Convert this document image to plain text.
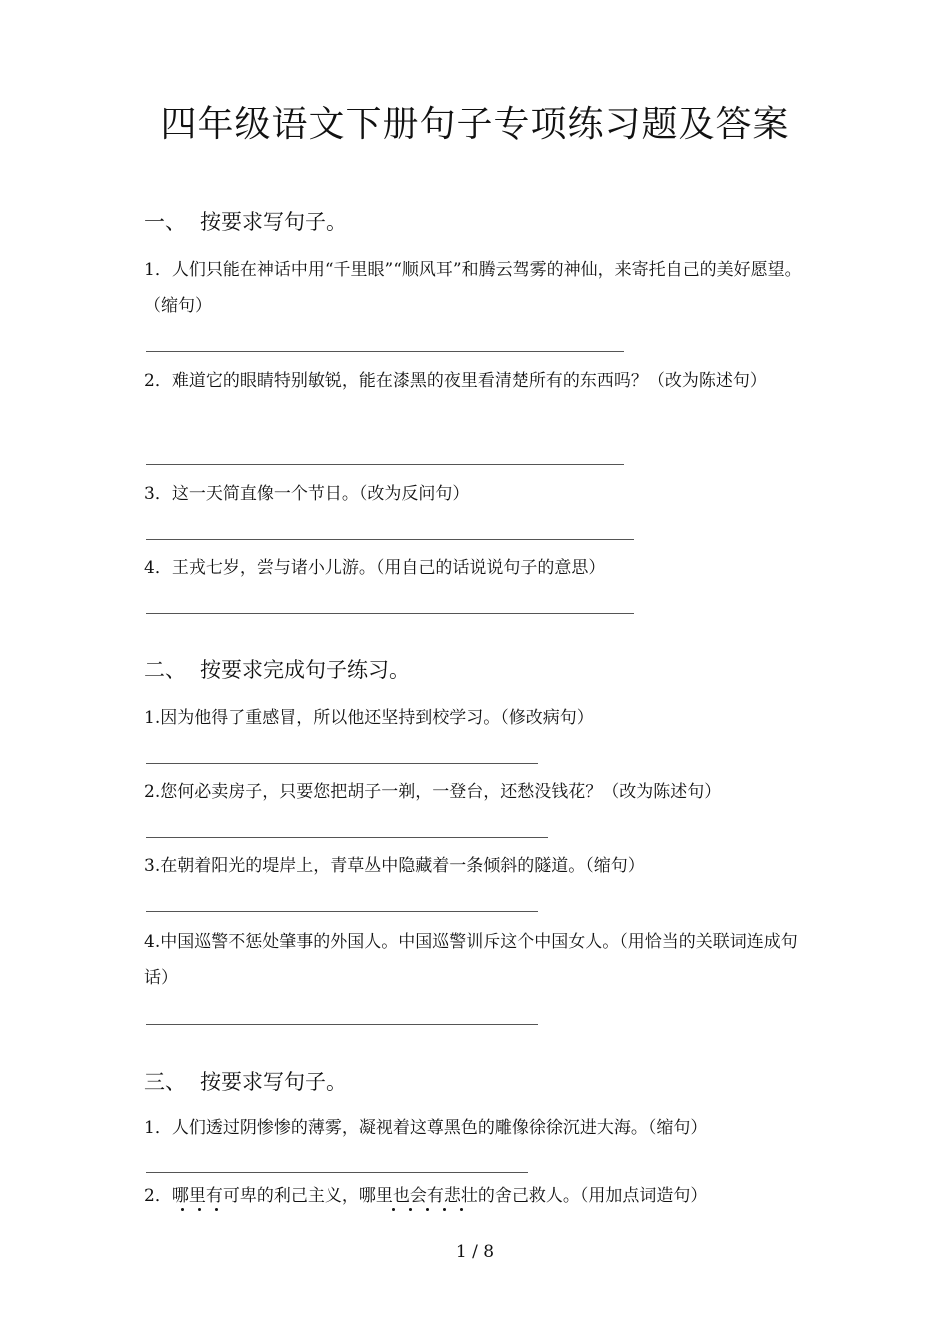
四年级语文下册句子专项练习题及答案
一、 按要求写句子。
1．人们只能在神话中用“千里眼”“顺风耳”和腾云驾雾的神仙，来寄托自己的美好愿望。（缩句）
2．难道它的眼睛特别敏锐，能在漆黑的夜里看清楚所有的东西吗？（改为陈述句）
3．这一天简直像一个节日。（改为反问句）
4．王戎七岁，尝与诸小儿游。（用自己的话说说句子的意思）
二、 按要求完成句子练习。
1.因为他得了重感冒，所以他还坚持到校学习。（修改病句）
2.您何必卖房子，只要您把胡子一剃，一登台，还愁没钱花？（改为陈述句）
3.在朝着阳光的堤岸上，青草丛中隐藏着一条倾斜的隧道。（缩句）
4.中国巡警不惩处肇事的外国人。中国巡警训斥这个中国女人。（用恰当的关联词连成句话）
三、 按要求写句子。
1．人们透过阴惨惨的薄雾，凝视着这尊黑色的雕像徐徐沉进大海。（缩句）
2．哪里有可卑的利己主义，哪里也会有悲壮的舍己救人。（用加点词造句）
1 / 8
